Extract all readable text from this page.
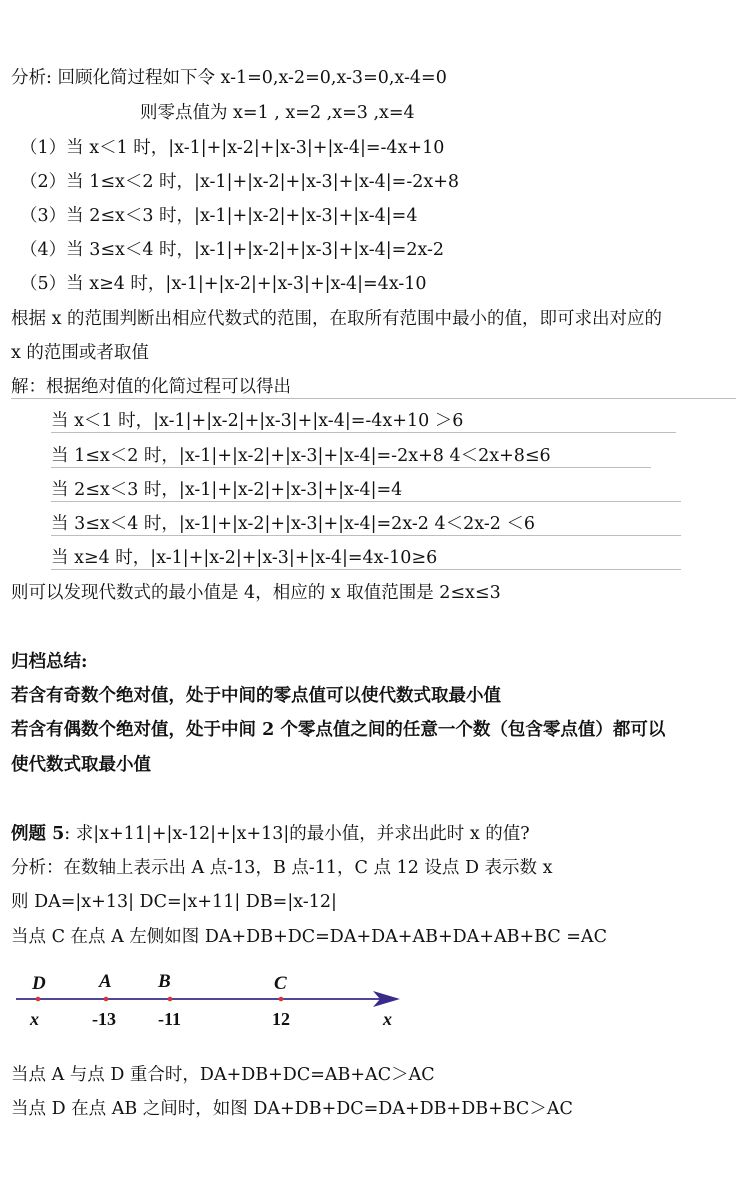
分析: 回顾化简过程如下令 x-1=0,x-2=0,x-3=0,x-4=0
则零点值为 x=1 , x=2 ,x=3 ,x=4
（1）当 x＜1 时，|x-1|+|x-2|+|x-3|+|x-4|=-4x+10
（2）当 1≤x＜2 时，|x-1|+|x-2|+|x-3|+|x-4|=-2x+8
（3）当 2≤x＜3 时，|x-1|+|x-2|+|x-3|+|x-4|=4
（4）当 3≤x＜4 时，|x-1|+|x-2|+|x-3|+|x-4|=2x-2
（5）当 x≥4 时，|x-1|+|x-2|+|x-3|+|x-4|=4x-10
根据 x 的范围判断出相应代数式的范围，在取所有范围中最小的值，即可求出对应的
x 的范围或者取值
解：根据绝对值的化简过程可以得出
当 x＜1 时，|x-1|+|x-2|+|x-3|+|x-4|=-4x+10 ＞6
当 1≤x＜2 时，|x-1|+|x-2|+|x-3|+|x-4|=-2x+8 4＜2x+8≤6
当 2≤x＜3 时，|x-1|+|x-2|+|x-3|+|x-4|=4
当 3≤x＜4 时，|x-1|+|x-2|+|x-3|+|x-4|=2x-2 4＜2x-2 ＜6
当 x≥4 时，|x-1|+|x-2|+|x-3|+|x-4|=4x-10≥6
则可以发现代数式的最小值是 4，相应的 x 取值范围是 2≤x≤3
归档总结:
若含有奇数个绝对值，处于中间的零点值可以使代数式取最小值
若含有偶数个绝对值，处于中间 2 个零点值之间的任意一个数（包含零点值）都可以
使代数式取最小值
例题 5: 求|x+11|+|x-12|+|x+13|的最小值，并求出此时 x 的值?
分析：在数轴上表示出 A 点-13，B 点-11，C 点 12 设点 D 表示数 x
则 DA=|x+13| DC=|x+11| DB=|x-12|
当点 C 在点 A 左侧如图 DA+DB+DC=DA+DA+AB+DA+AB+BC =AC
D	A B	C
x	-13 -11	12	x
当点 A 与点 D 重合时，DA+DB+DC=AB+AC＞AC
当点 D 在点 AB 之间时，如图 DA+DB+DC=DA+DB+DB+BC＞AC
